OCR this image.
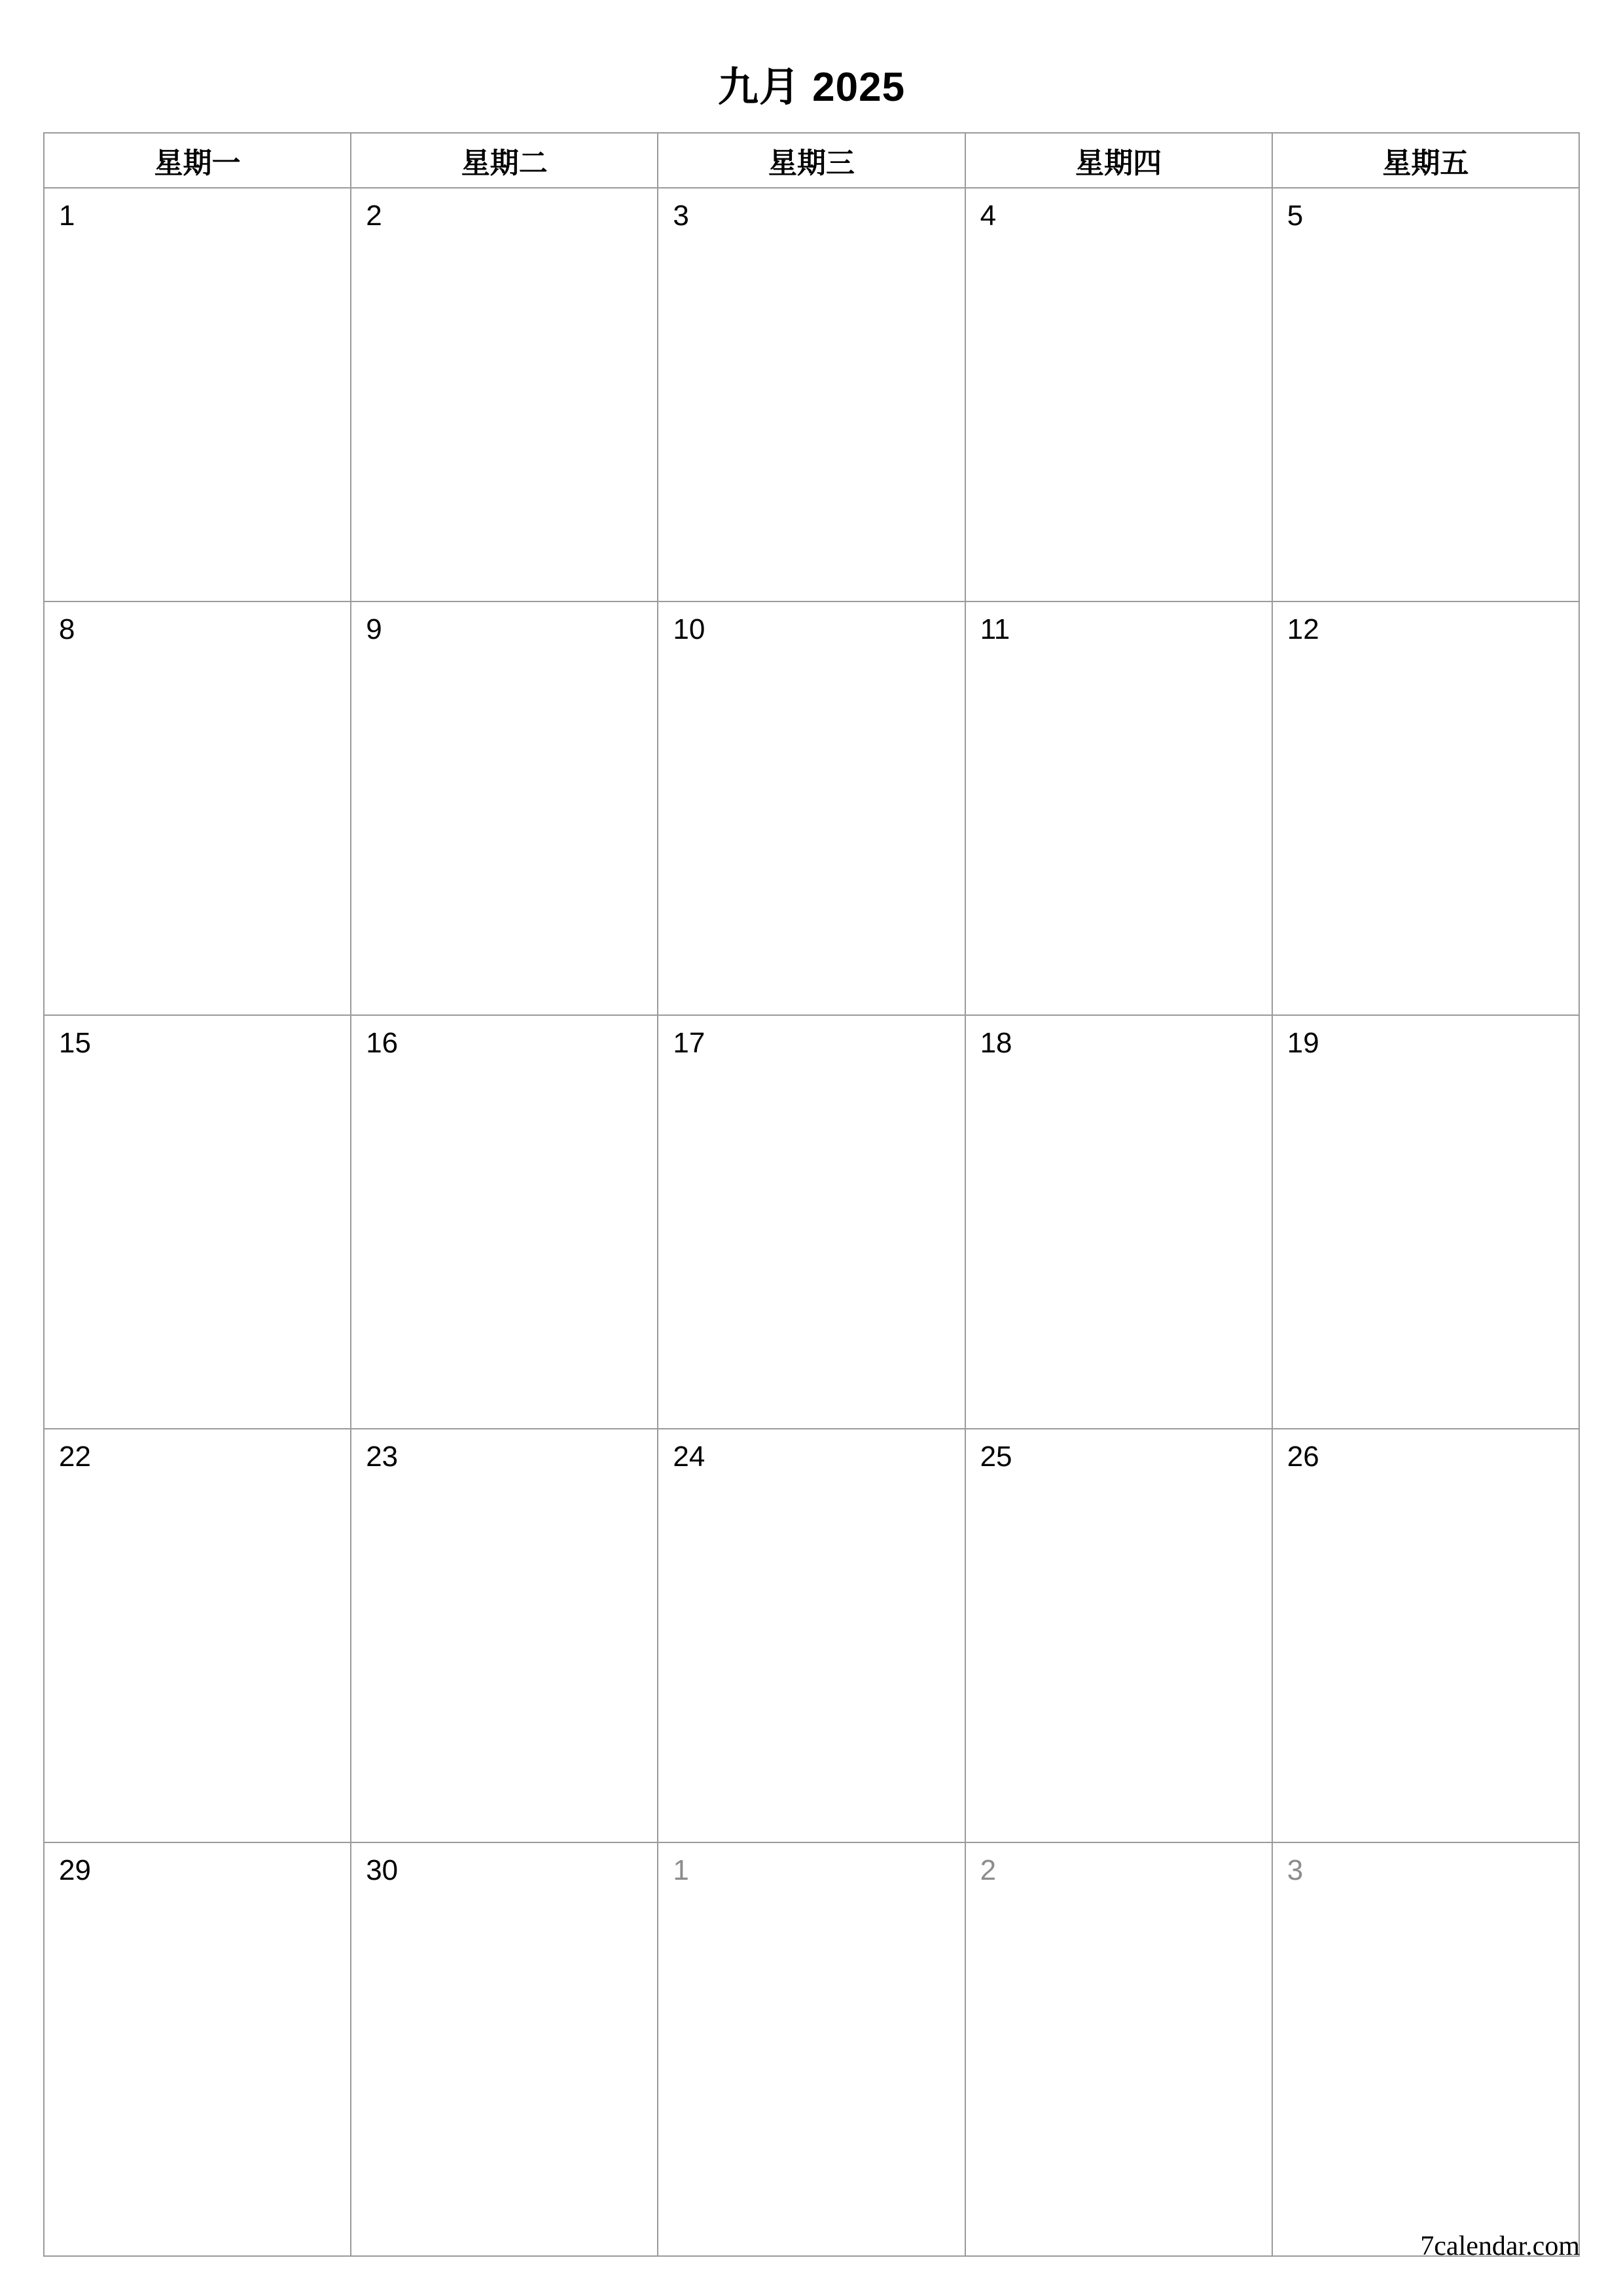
九月 2025
星期一	星期二	星期三	星期四	星期五

1	2	3	4	5

8	9	10	11	12

15	16	17	18	19

22	23	24	25	26

29	30	1	2	3
7calendar.com
